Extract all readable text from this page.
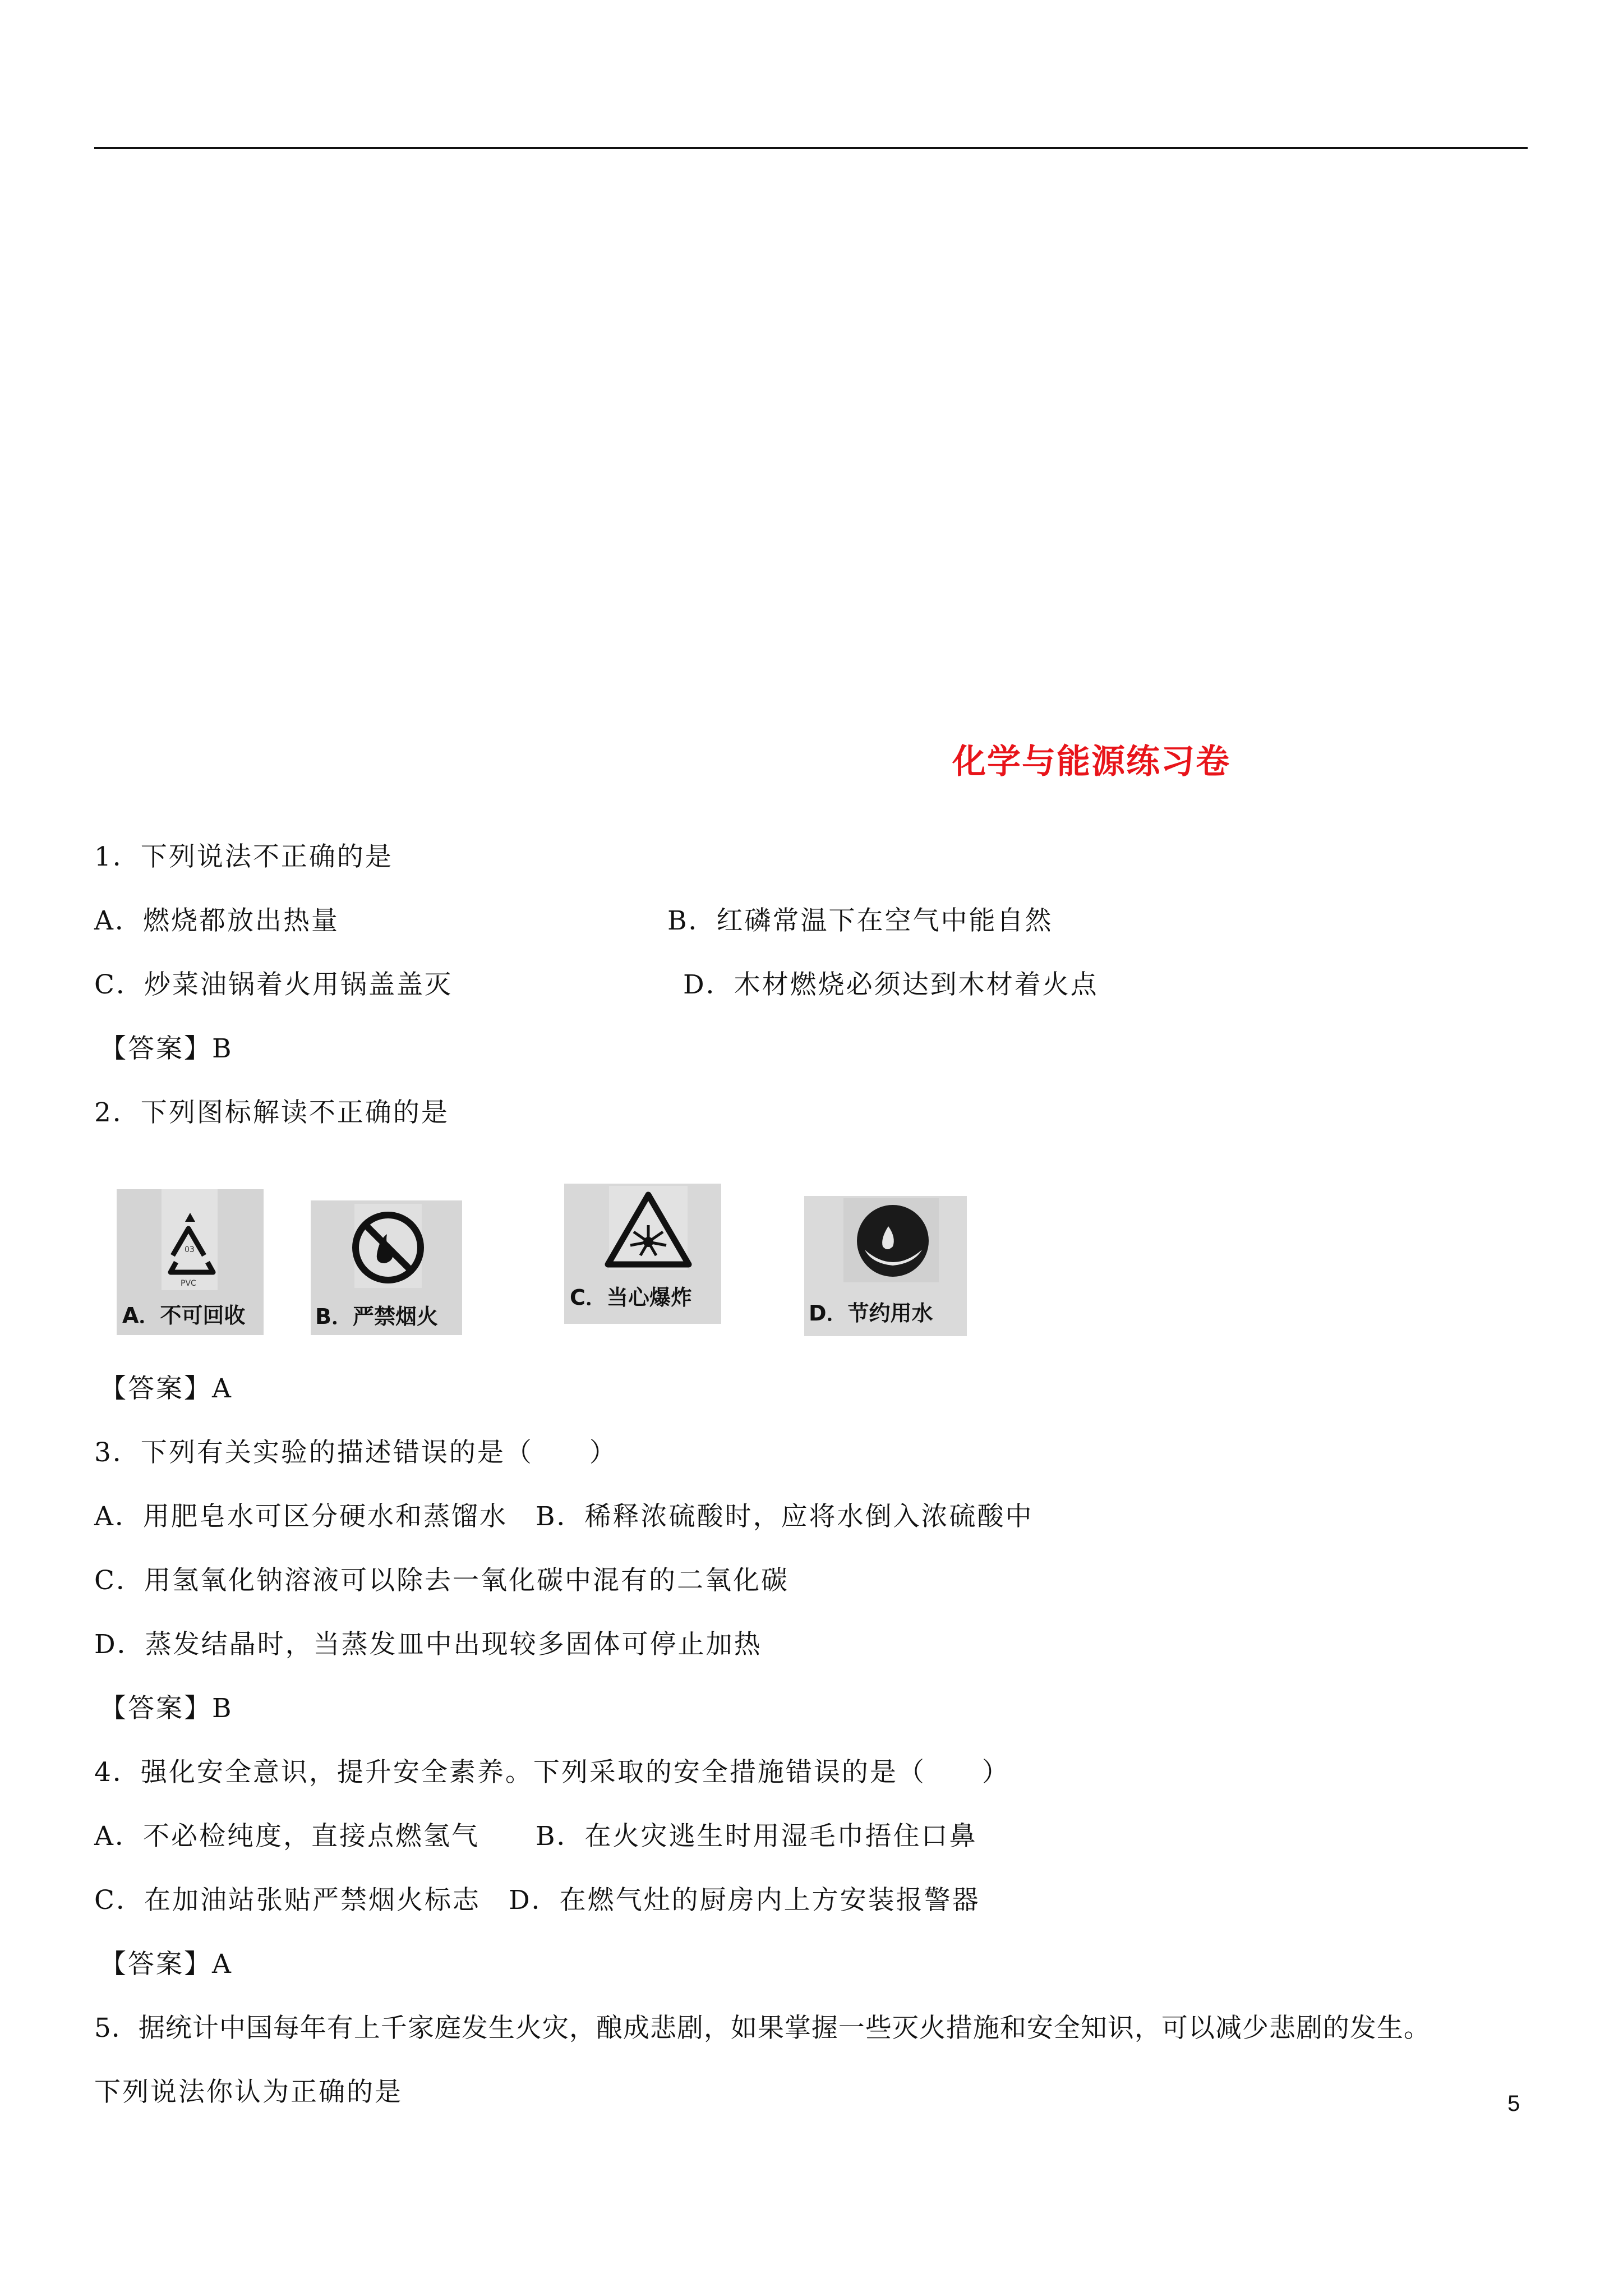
化学与能源练习卷
1．下列说法不正确的是
A．燃烧都放出热量	B．红磷常温下在空气中能自然
C．炒菜油锅着火用锅盖盖灭	D．木材燃烧必须达到木材着火点
【答案】B
2．下列图标解读不正确的是
03
PVC
A．不可回收	B．严禁烟火
C．当心爆炸
D．节约用水
【答案】A
3．下列有关实验的描述错误的是（　　）
A．用肥皂水可区分硬水和蒸馏水　B．稀释浓硫酸时，应将水倒入浓硫酸中
C．用氢氧化钠溶液可以除去一氧化碳中混有的二氧化碳
D．蒸发结晶时，当蒸发皿中出现较多固体可停止加热
【答案】B
4．强化安全意识，提升安全素养。下列采取的安全措施错误的是（　　）
A．不必检纯度，直接点燃氢气　　B．在火灾逃生时用湿毛巾捂住口鼻
C．在加油站张贴严禁烟火标志　D．在燃气灶的厨房内上方安装报警器
【答案】A
5．据统计中国每年有上千家庭发生火灾，酿成悲剧，如果掌握一些灭火措施和安全知识，可以减少悲剧的发生。
下列说法你认为正确的是	5
